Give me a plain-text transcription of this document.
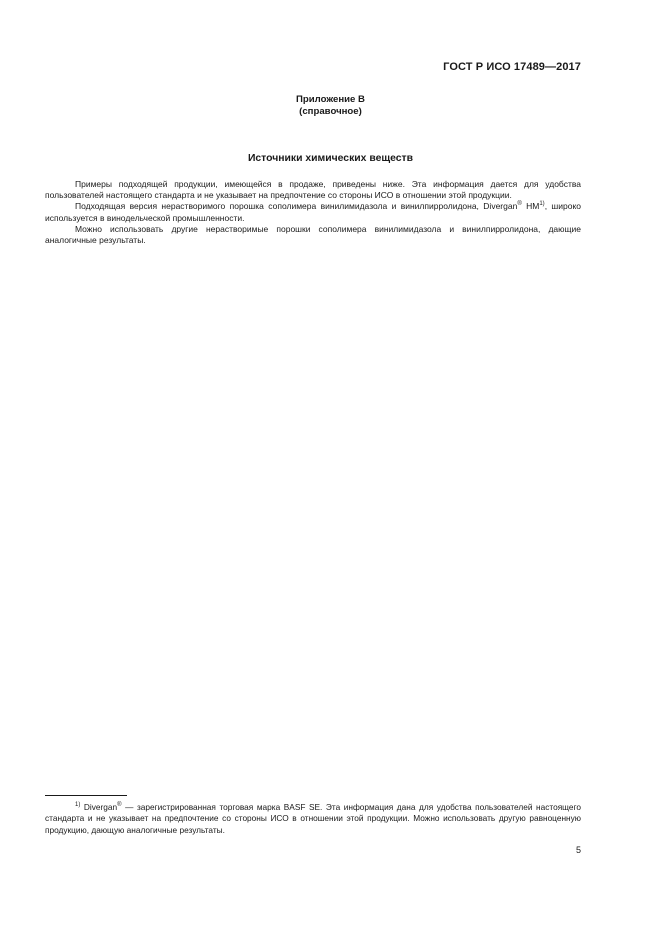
ГОСТ Р ИСО 17489—2017
Приложение В
(справочное)
Источники химических веществ

Примеры подходящей продукции, имеющейся в продаже, приведены ниже. Эта информация дается для удобства пользователей настоящего стандарта и не указывает на предпочтение со стороны ИСО в отношении этой продукции.

Подходящая версия нерастворимого порошка сополимера винилимидазола и винилпирролидона, Divergan® HM$^{1)}$, широко используется в винодельческой промышленности.

Можно использовать другие нерастворимые порошки сополимера винилимидазола и винилпирролидона, дающие аналогичные результаты.

$^{1)}$ Divergan® — зарегистрированная торговая марка BASF SE. Эта информация дана для удобства пользователей настоящего стандарта и не указывает на предпочтение со стороны ИСО в отношении этой продукции. Можно использовать другую равноценную продукцию, дающую аналогичные результаты.

5
